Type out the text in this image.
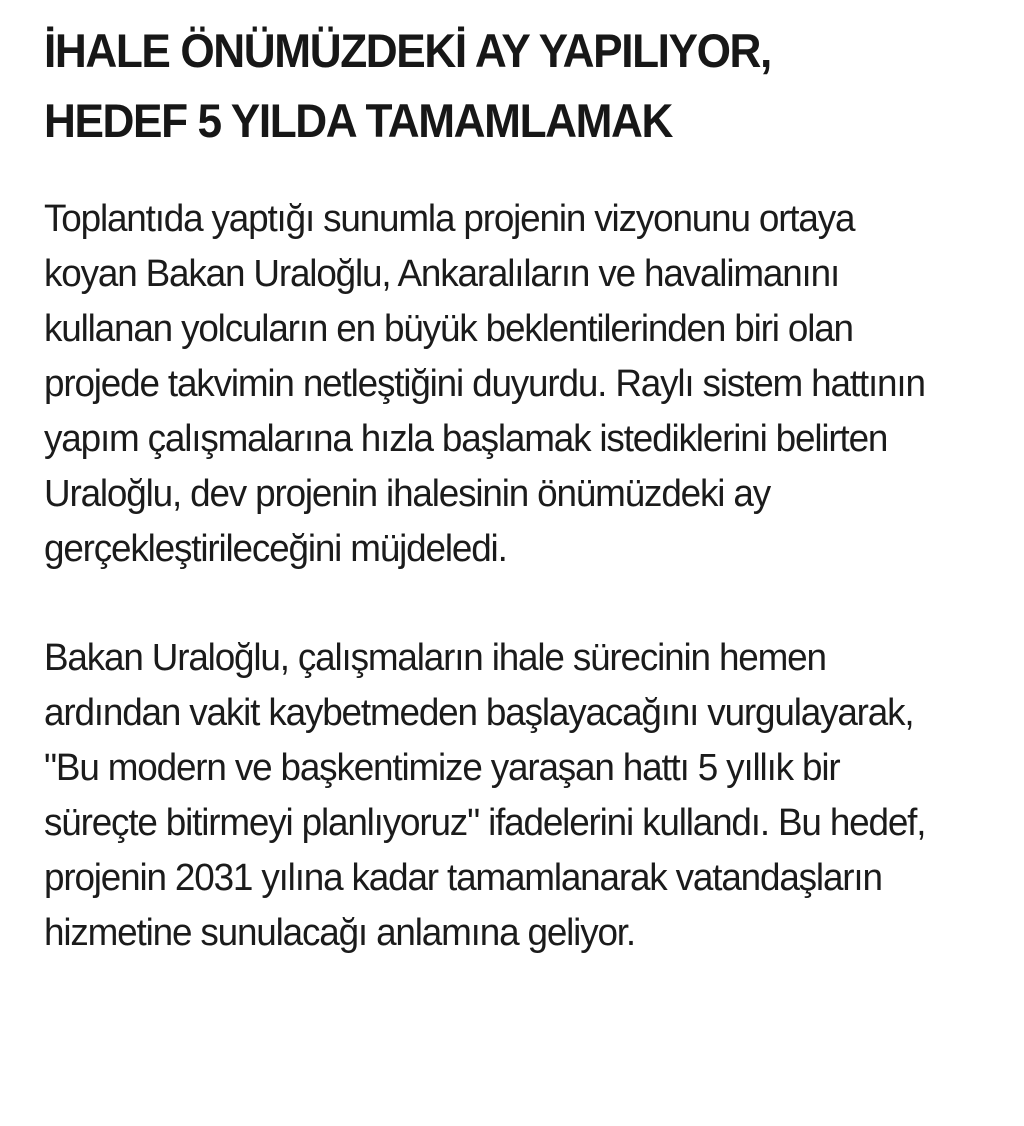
İHALE ÖNÜMÜZDEKİ AY YAPILIYOR, HEDEF 5 YILDA TAMAMLAMAK

Toplantıda yaptığı sunumla projenin vizyonunu ortaya koyan Bakan Uraloğlu, Ankaralıların ve havalimanını kullanan yolcuların en büyük beklentilerinden biri olan projede takvimin netleştiğini duyurdu. Raylı sistem hattının yapım çalışmalarına hızla başlamak istediklerini belirten Uraloğlu, dev projenin ihalesinin önümüzdeki ay gerçekleştirileceğini müjdeledi.

Bakan Uraloğlu, çalışmaların ihale sürecinin hemen ardından vakit kaybetmeden başlayacağını vurgulayarak, "Bu modern ve başkentimize yaraşan hattı 5 yıllık bir süreçte bitirmeyi planlıyoruz" ifadelerini kullandı. Bu hedef, projenin 2031 yılına kadar tamamlanarak vatandaşların hizmetine sunulacağı anlamına geliyor.
